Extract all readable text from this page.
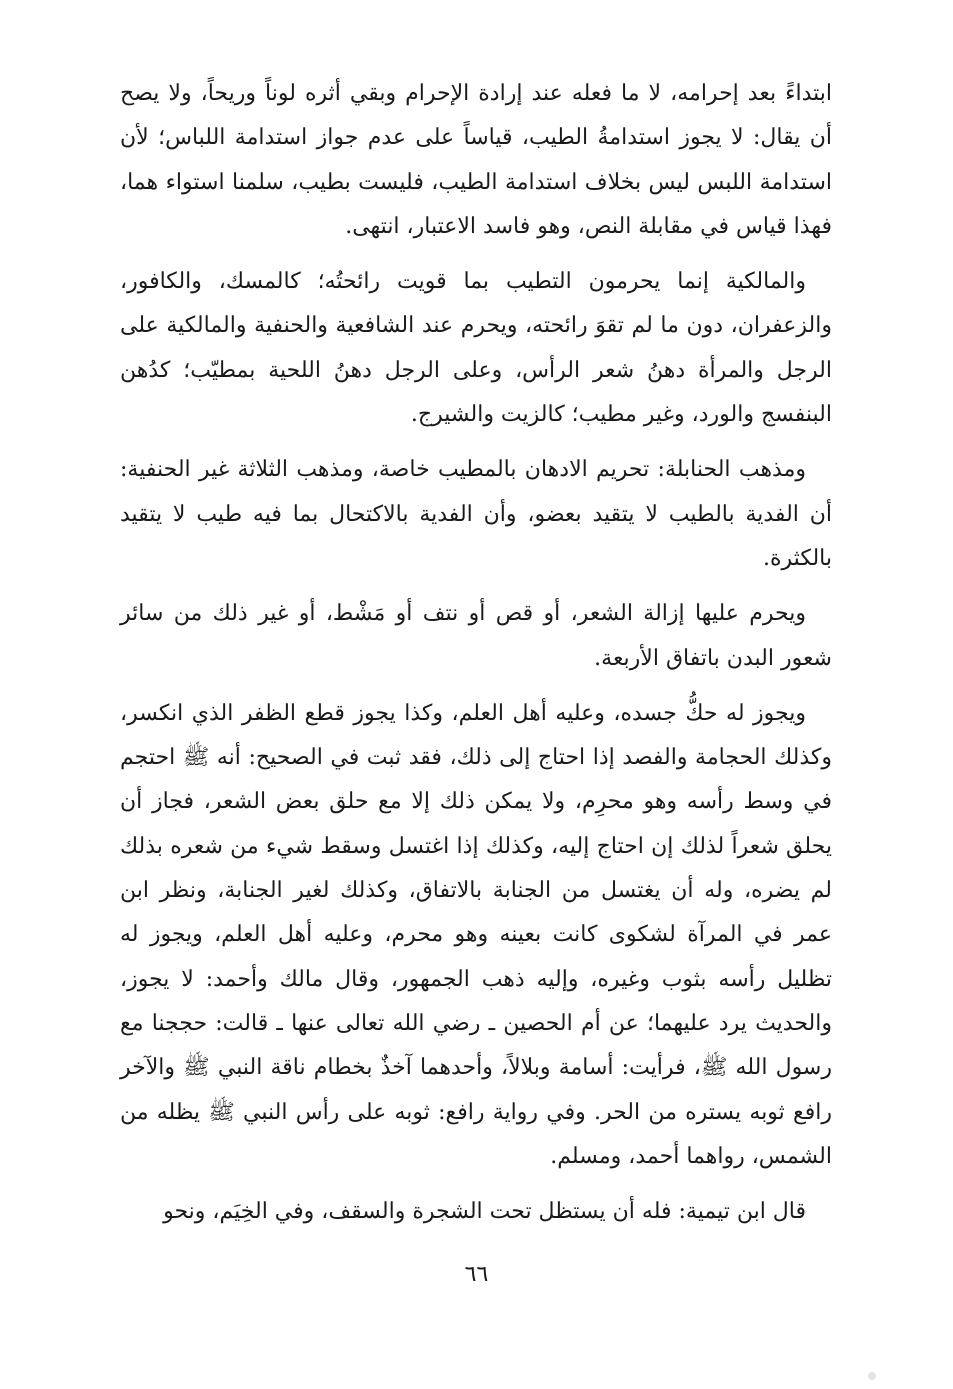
ابتداءً بعد إحرامه، لا ما فعله عند إرادة الإحرام وبقي أثره لوناً وريحاً، ولا يصح أن يقال: لا يجوز استدامةُ الطيب، قياساً على عدم جواز استدامة اللباس؛ لأن استدامة اللبس ليس بخلاف استدامة الطيب، فليست بطيب، سلمنا استواء هما، فهذا قياس في مقابلة النص، وهو فاسد الاعتبار، انتهى.

والمالكية إنما يحرمون التطيب بما قويت رائحتُه؛ كالمسك، والكافور، والزعفران، دون ما لم تقوَ رائحته، ويحرم عند الشافعية والحنفية والمالكية على الرجل والمرأة دهنُ شعر الرأس، وعلى الرجل دهنُ اللحية بمطيّب؛ كدُهن البنفسج والورد، وغير مطيب؛ كالزيت والشيرج.

ومذهب الحنابلة: تحريم الادهان بالمطيب خاصة، ومذهب الثلاثة غير الحنفية: أن الفدية بالطيب لا يتقيد بعضو، وأن الفدية بالاكتحال بما فيه طيب لا يتقيد بالكثرة.

ويحرم عليها إزالة الشعر، أو قص أو نتف أو مَشْط، أو غير ذلك من سائر شعور البدن باتفاق الأربعة.

ويجوز له حكُّ جسده، وعليه أهل العلم، وكذا يجوز قطع الظفر الذي انكسر، وكذلك الحجامة والفصد إذا احتاج إلى ذلك، فقد ثبت في الصحيح: أنه ﷺ احتجم في وسط رأسه وهو محرِم، ولا يمكن ذلك إلا مع حلق بعض الشعر، فجاز أن يحلق شعراً لذلك إن احتاج إليه، وكذلك إذا اغتسل وسقط شيء من شعره بذلك لم يضره، وله أن يغتسل من الجنابة بالاتفاق، وكذلك لغير الجنابة، ونظر ابن عمر في المرآة لشكوى كانت بعينه وهو محرم، وعليه أهل العلم، ويجوز له تظليل رأسه بثوب وغيره، وإليه ذهب الجمهور، وقال مالك وأحمد: لا يجوز، والحديث يرد عليهما؛ عن أم الحصين ـ رضي الله تعالى عنها ـ قالت: حججنا مع رسول الله ﷺ، فرأيت: أسامة وبلالاً، وأحدهما آخذٌ بخطام ناقة النبي ﷺ والآخر رافع ثوبه يستره من الحر. وفي رواية رافع: ثوبه على رأس النبي ﷺ يظله من الشمس، رواهما أحمد، ومسلم.

قال ابن تيمية: فله أن يستظل تحت الشجرة والسقف، وفي الخِيَم، ونحو

٦٦
